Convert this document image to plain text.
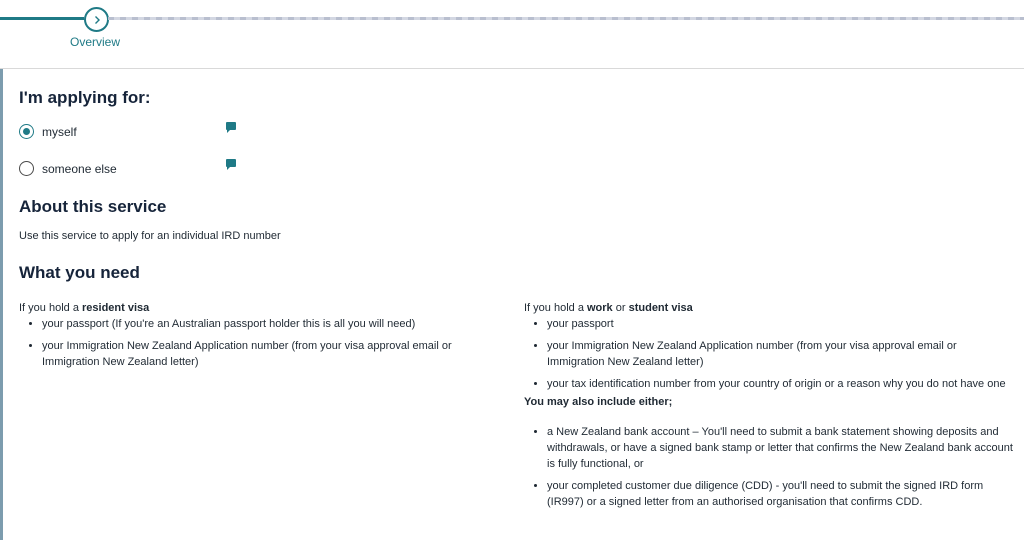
Overview
I'm applying for:
myself
someone else
About this service

Use this service to apply for an individual IRD number

What you need
If you hold a resident visa
• your passport (If you're an Australian passport holder this is all you will need)
• your Immigration New Zealand Application number (from your visa approval email or Immigration New Zealand letter)
If you hold a work or student visa
• your passport
• your Immigration New Zealand Application number (from your visa approval email or Immigration New Zealand letter)
• your tax identification number from your country of origin or a reason why you do not have one
You may also include either;
• a New Zealand bank account – You'll need to submit a bank statement showing deposits and withdrawals, or have a signed bank stamp or letter that confirms the New Zealand bank account is fully functional, or
• your completed customer due diligence (CDD) - you'll need to submit the signed IRD form (IR997) or a signed letter from an authorised organisation that confirms CDD.
